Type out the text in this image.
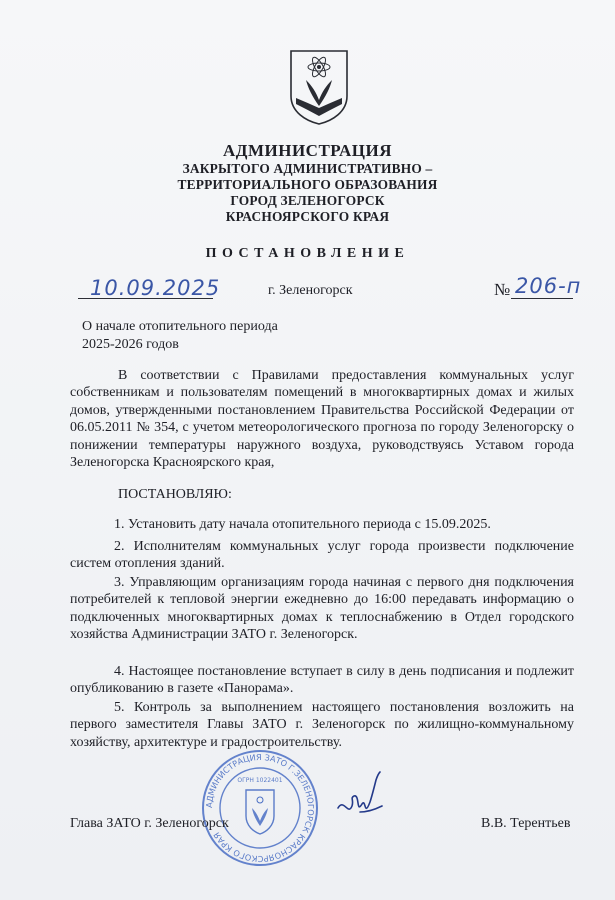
АДМИНИСТРАЦИЯ
ЗАКРЫТОГО АДМИНИСТРАТИВНО –
ТЕРРИТОРИАЛЬНОГО ОБРАЗОВАНИЯ
ГОРОД ЗЕЛЕНОГОРСК
КРАСНОЯРСКОГО КРАЯ
ПОСТАНОВЛЕНИЕ
10.09.2025	г. Зеленогорск	№ 206-п
О начале отопительного периода
2025-2026 годов

В соответствии с Правилами предоставления коммунальных услуг собственникам и пользователям помещений в многоквартирных домах и жилых домов, утвержденными постановлением Правительства Российской Федерации от 06.05.2011 № 354, с учетом метеорологического прогноза по городу Зеленогорску о понижении температуры наружного воздуха, руководствуясь Уставом города Зеленогорска Красноярского края,

ПОСТАНОВЛЯЮ:

1. Установить дату начала отопительного периода с 15.09.2025.

2. Исполнителям коммунальных услуг города произвести подключение систем отопления зданий.

3. Управляющим организациям города начиная с первого дня подключения потребителей к тепловой энергии ежедневно до 16:00 передавать информацию о подключенных многоквартирных домах к теплоснабжению в Отдел городского хозяйства Администрации ЗАТО г. Зеленогорск.

4. Настоящее постановление вступает в силу в день подписания и подлежит опубликованию в газете «Панорама».

5. Контроль за выполнением настоящего постановления возложить на первого заместителя Главы ЗАТО г. Зеленогорск по жилищно-коммунальному хозяйству, архитектуре и градостроительству.

АДМИНИСТРАЦИЯ ЗАТО Г.ЗЕЛЕНОГОРСК КРАСНОЯРСКОГО КРАЯ
ОГРН 1022401
Глава ЗАТО г. Зеленогорск	В.В. Терентьев
